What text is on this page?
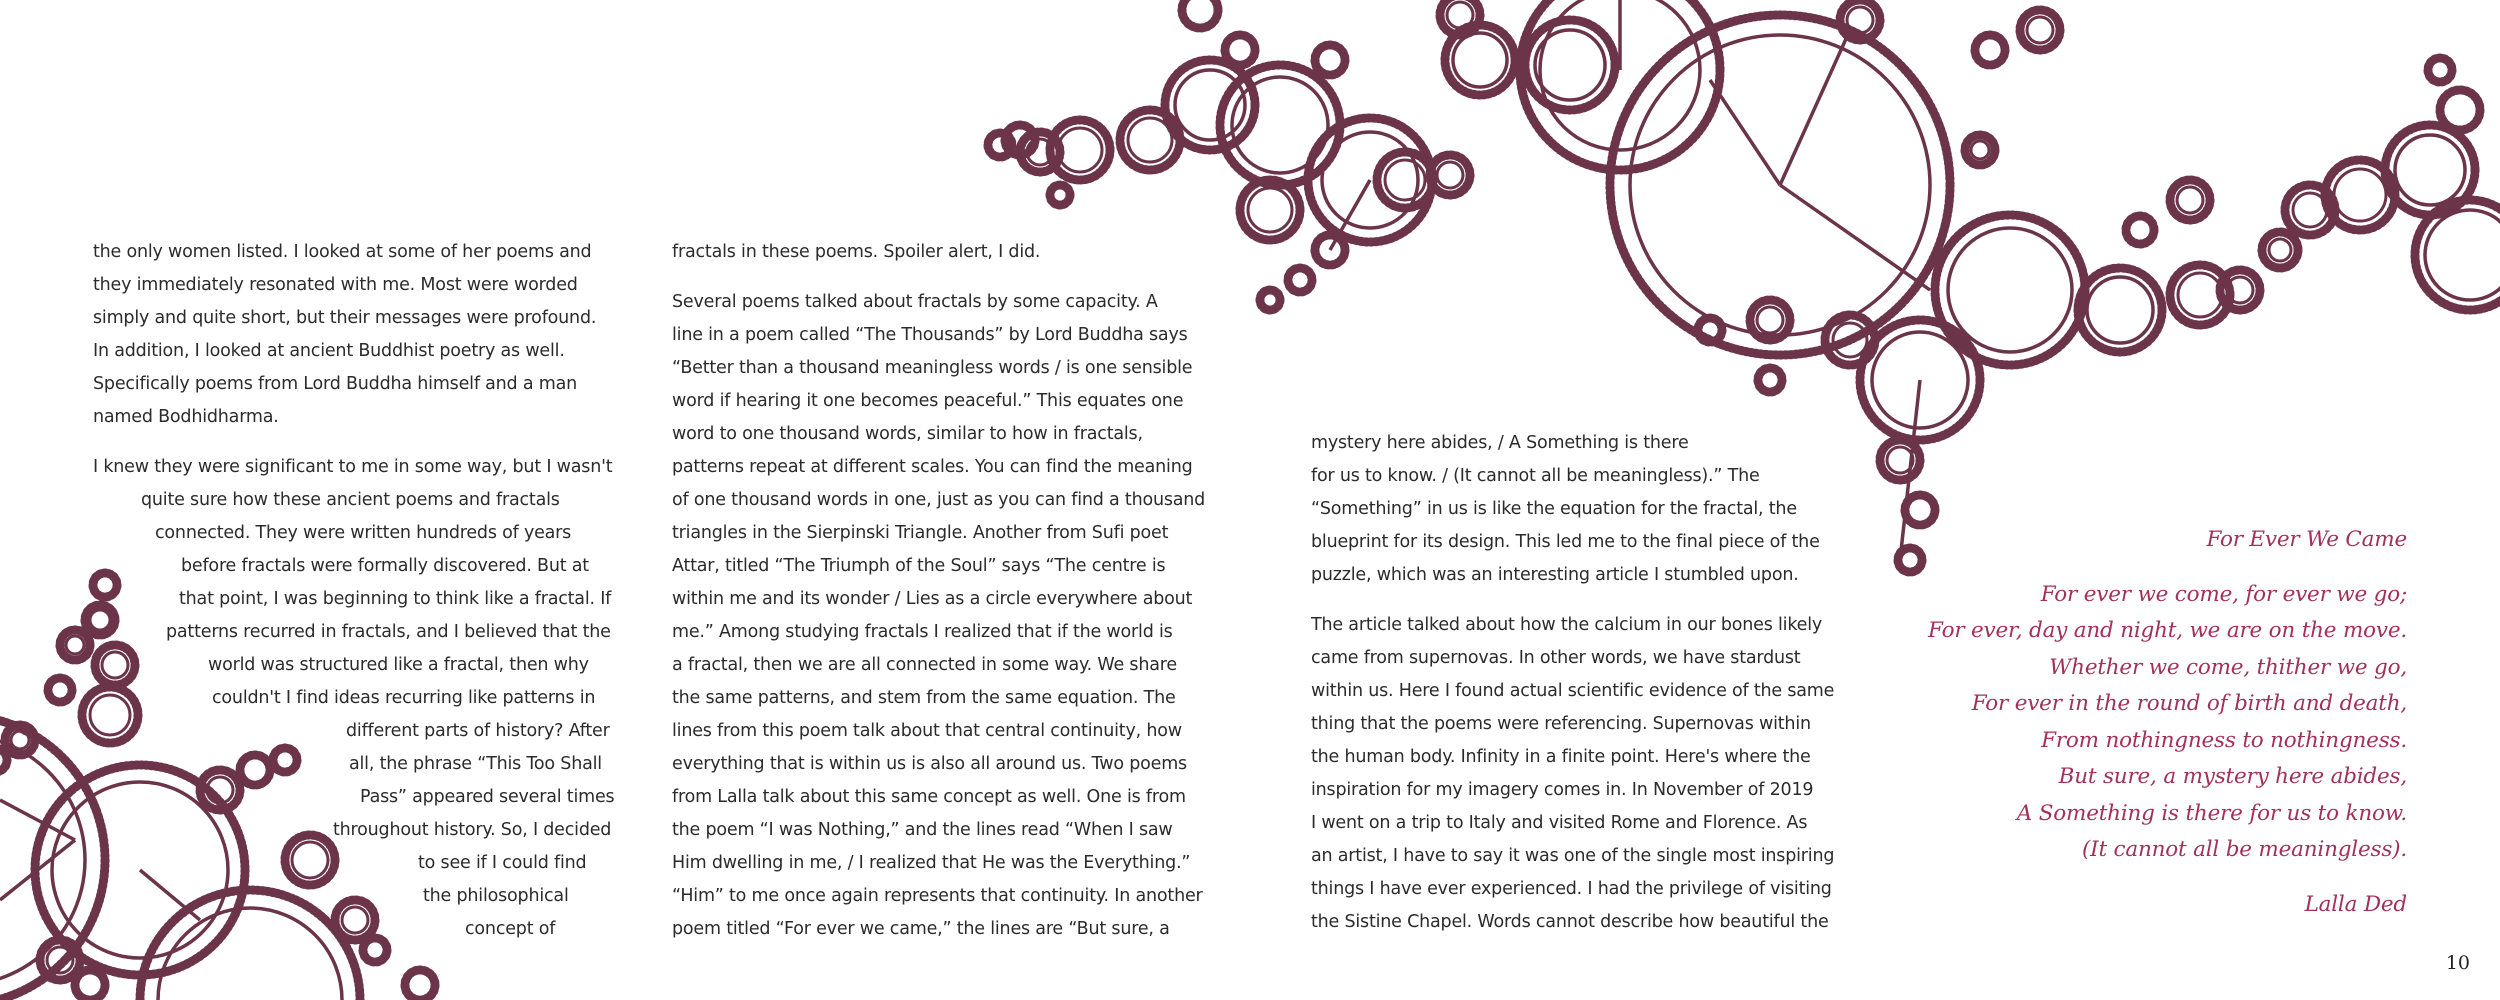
the only women listed. I looked at some of her poems and
they immediately resonated with me. Most were worded
simply and quite short, but their messages were profound.
In addition, I looked at ancient Buddhist poetry as well.
Specifically poems from Lord Buddha himself and a man
named Bodhidharma.
I knew they were significant to me in some way, but I wasn't
quite sure how these ancient poems and fractals
connected. They were written hundreds of years
before fractals were formally discovered. But at
that point, I was beginning to think like a fractal. If
patterns recurred in fractals, and I believed that the
world was structured like a fractal, then why
couldn't I find ideas recurring like patterns in
different parts of history? After
all, the phrase “This Too Shall
Pass” appeared several times
throughout history. So, I decided
to see if I could find
the philosophical
concept of
fractals in these poems. Spoiler alert, I did.
Several poems talked about fractals by some capacity. A
line in a poem called “The Thousands” by Lord Buddha says
“Better than a thousand meaningless words / is one sensible
word if hearing it one becomes peaceful.” This equates one
word to one thousand words, similar to how in fractals,
patterns repeat at different scales. You can find the meaning
of one thousand words in one, just as you can find a thousand
triangles in the Sierpinski Triangle. Another from Sufi poet
Attar, titled “The Triumph of the Soul” says “The centre is
within me and its wonder / Lies as a circle everywhere about
me.” Among studying fractals I realized that if the world is
a fractal, then we are all connected in some way. We share
the same patterns, and stem from the same equation. The
lines from this poem talk about that central continuity, how
everything that is within us is also all around us. Two poems
from Lalla talk about this same concept as well. One is from
the poem “I was Nothing,” and the lines read “When I saw
Him dwelling in me, / I realized that He was the Everything.”
“Him” to me once again represents that continuity. In another
poem titled “For ever we came,” the lines are “But sure, a
mystery here abides, / A Something is there
for us to know. / (It cannot all be meaningless).” The
“Something” in us is like the equation for the fractal, the
blueprint for its design. This led me to the final piece of the
puzzle, which was an interesting article I stumbled upon.
The article talked about how the calcium in our bones likely
came from supernovas. In other words, we have stardust
within us. Here I found actual scientific evidence of the same
thing that the poems were referencing. Supernovas within
the human body. Infinity in a finite point. Here's where the
inspiration for my imagery comes in. In November of 2019
I went on a trip to Italy and visited Rome and Florence. As
an artist, I have to say it was one of the single most inspiring
things I have ever experienced. I had the privilege of visiting
the Sistine Chapel. Words cannot describe how beautiful the
For Ever We Came
For ever we come, for ever we go;
For ever, day and night, we are on the move.
Whether we come, thither we go,
For ever in the round of birth and death,
From nothingness to nothingness.
But sure, a mystery here abides,
A Something is there for us to know.
(It cannot all be meaningless).
Lalla Ded
10
